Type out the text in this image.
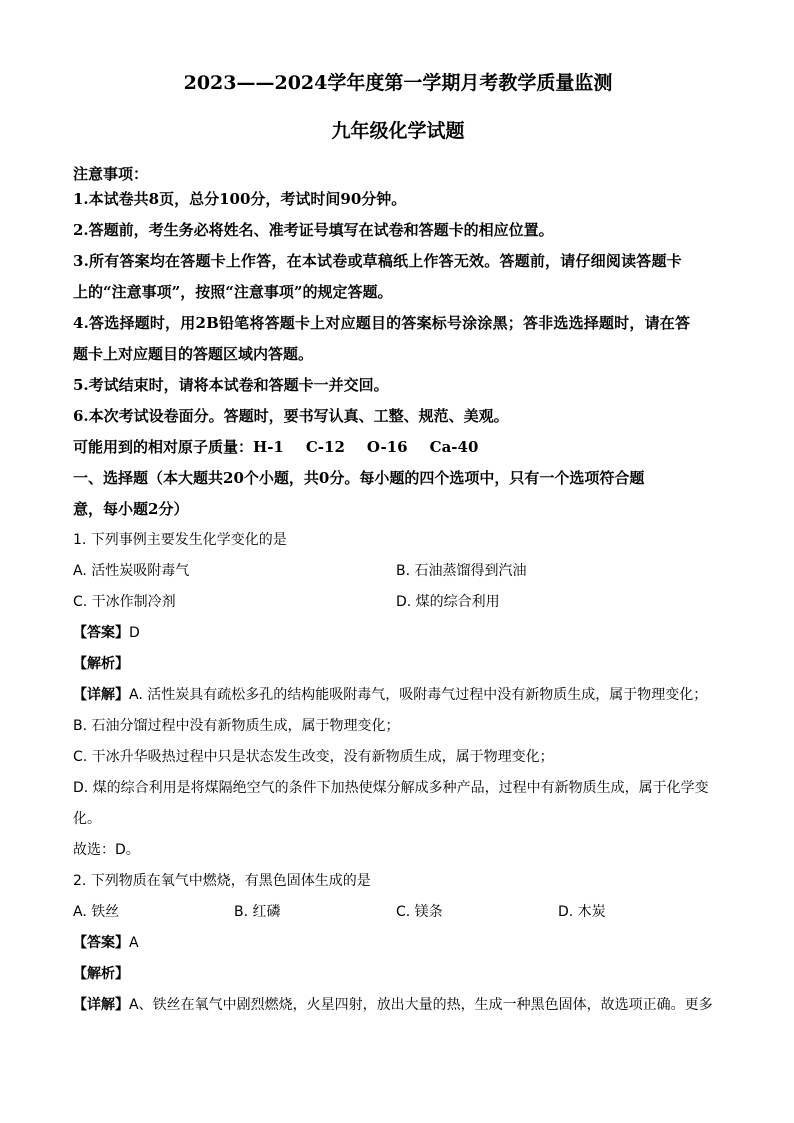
2023——2024学年度第一学期月考教学质量监测
九年级化学试题
注意事项：
1.本试卷共8页，总分100分，考试时间90分钟。
2.答题前，考生务必将姓名、准考证号填写在试卷和答题卡的相应位置。
3.所有答案均在答题卡上作答，在本试卷或草稿纸上作答无效。答题前，请仔细阅读答题卡
上的“注意事项”，按照“注意事项”的规定答题。
4.答选择题时，用2B铅笔将答题卡上对应题目的答案标号涂涂黑；答非选选择题时，请在答
题卡上对应题目的答题区域内答题。
5.考试结束时，请将本试卷和答题卡一并交回。
6.本次考试设卷面分。答题时，要书写认真、工整、规范、美观。
可能用到的相对原子质量：H-1 C-12 O-16 Ca-40
一、选择题（本大题共20个小题，共0分。每小题的四个选项中，只有一个选项符合题
意，每小题2分）
1. 下列事例主要发生化学变化的是
A. 活性炭吸附毒气	B. 石油蒸馏得到汽油
C. 干冰作制冷剂	D. 煤的综合利用
【答案】D
【解析】
【详解】A. 活性炭具有疏松多孔的结构能吸附毒气，吸附毒气过程中没有新物质生成，属于物理变化；
B. 石油分馏过程中没有新物质生成，属于物理变化；
C. 干冰升华吸热过程中只是状态发生改变，没有新物质生成，属于物理变化；
D. 煤的综合利用是将煤隔绝空气的条件下加热使煤分解成多种产品，过程中有新物质生成，属于化学变
化。
故选：D。
2. 下列物质在氧气中燃烧，有黑色固体生成的是
A. 铁丝	B. 红磷	C. 镁条	D. 木炭
【答案】A
【解析】
【详解】A、铁丝在氧气中剧烈燃烧，火星四射，放出大量的热，生成一种黑色固体，故选项正确。更多
